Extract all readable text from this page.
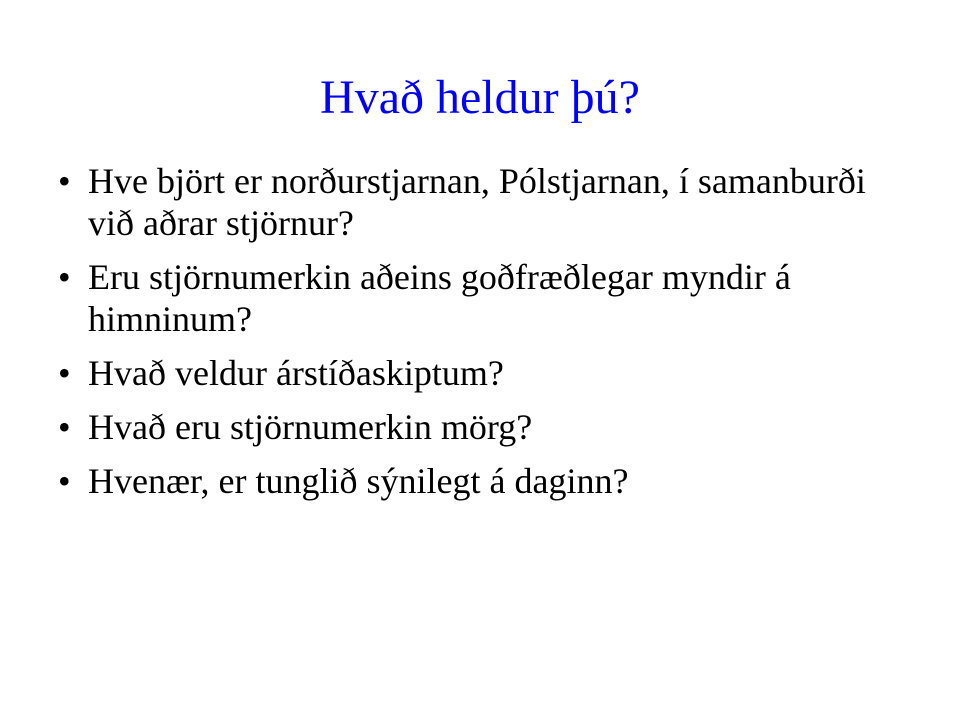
Hvað heldur þú?
• Hve björt er norðurstjarnan, Pólstjarnan, í samanburði við aðrar stjörnur?
• Eru stjörnumerkin aðeins goðfræðlegar myndir á himninum?
• Hvað veldur árstíðaskiptum?
• Hvað eru stjörnumerkin mörg?
• Hvenær, er tunglið sýnilegt á daginn?
